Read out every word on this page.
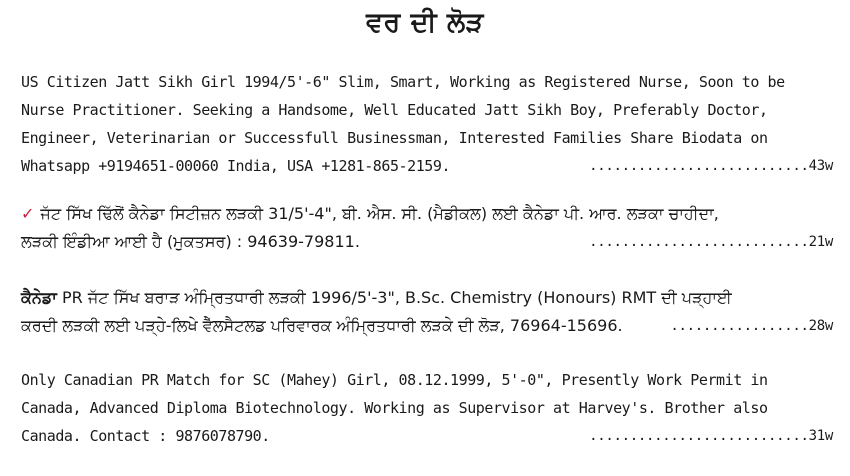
ਵਰ ਦੀ ਲੋੜ
US Citizen Jatt Sikh Girl 1994/5'-6" Slim, Smart, Working as Registered Nurse, Soon to be
Nurse Practitioner. Seeking a Handsome, Well Educated Jatt Sikh Boy, Preferably Doctor,
Engineer, Veterinarian or Successfull Businessman, Interested Families Share Biodata on
Whatsapp +9194651-00060 India, USA +1281-865-2159.	...........................43w
✓ ਜੱਟ ਸਿੱਖ ਢਿੱਲੋਂ ਕੈਨੇਡਾ ਸਿਟੀਜ਼ਨ ਲੜਕੀ 31/5'-4", ਬੀ. ਐਸ. ਸੀ. (ਮੈਡੀਕਲ) ਲਈ ਕੈਨੇਡਾ ਪੀ. ਆਰ. ਲੜਕਾ ਚਾਹੀਦਾ,
ਲੜਕੀ ਇੰਡੀਆ ਆਈ ਹੈ (ਮੁਕਤਸਰ) : 94639-79811.	...........................21w
ਕੈਨੇਡਾ PR ਜੱਟ ਸਿੱਖ ਬਰਾੜ ਅੰਮ੍ਰਿਤਧਾਰੀ ਲੜਕੀ 1996/5'-3", B.Sc. Chemistry (Honours) RMT ਦੀ ਪੜ੍ਹਾਈ
ਕਰਦੀ ਲੜਕੀ ਲਈ ਪੜ੍ਹੇ-ਲਿਖੇ ਵੈੱਲਸੈਟਲਡ ਪਰਿਵਾਰਕ ਅੰਮ੍ਰਿਤਧਾਰੀ ਲੜਕੇ ਦੀ ਲੋੜ, 76964-15696.	.................28w
Only Canadian PR Match for SC (Mahey) Girl, 08.12.1999, 5'-0", Presently Work Permit in
Canada, Advanced Diploma Biotechnology. Working as Supervisor at Harvey's. Brother also
Canada. Contact : 9876078790.	...........................31w
